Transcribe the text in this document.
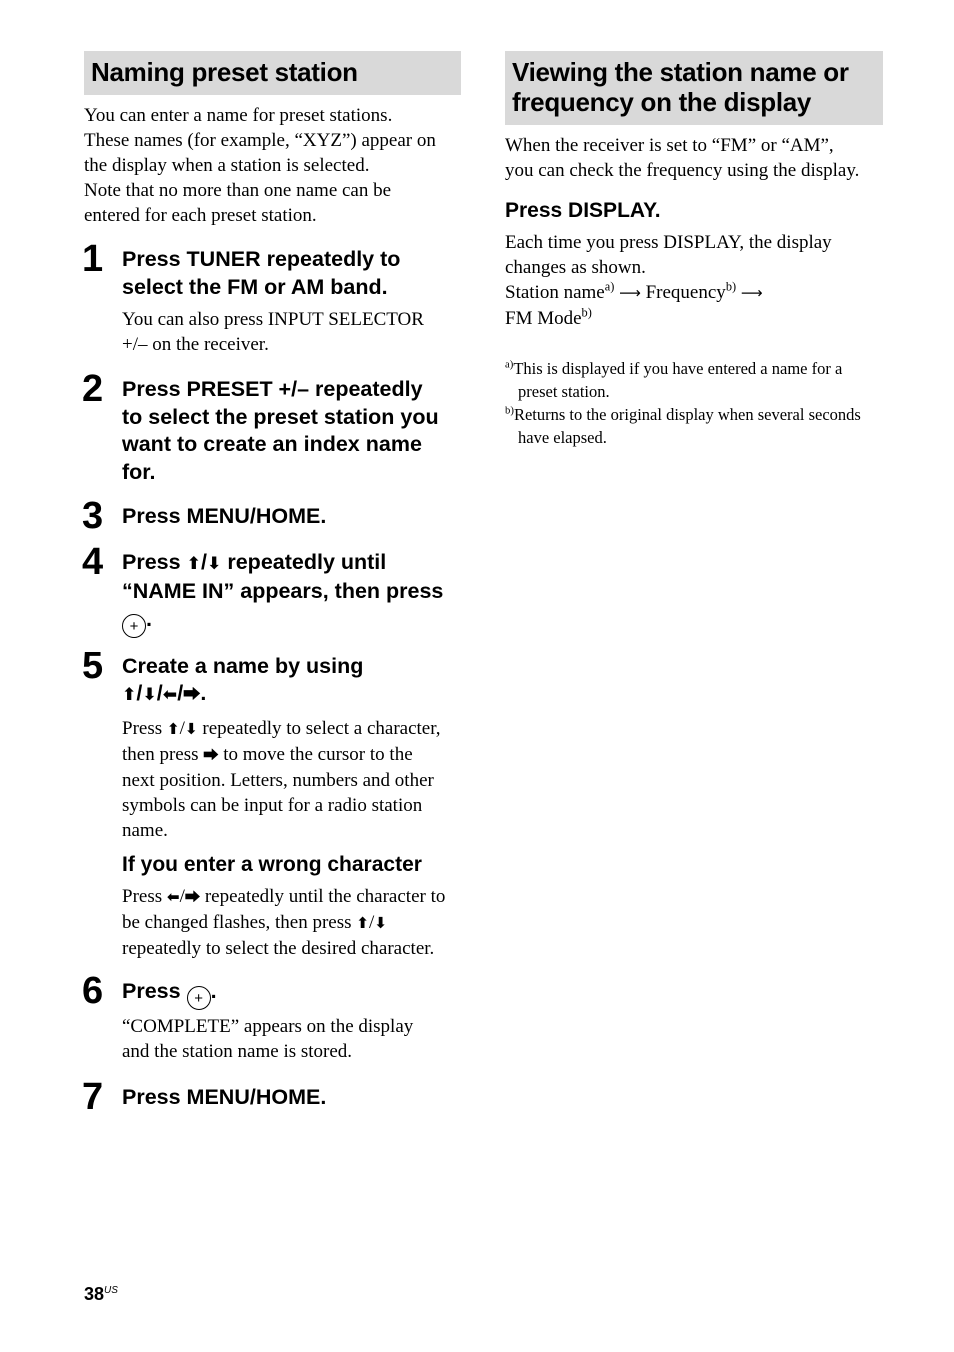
Naming preset station
You can enter a name for preset stations.
These names (for example, “XYZ”) appear on
the display when a station is selected.
Note that no more than one name can be
entered for each preset station.
1 Press TUNER repeatedly to
select the FM or AM band.
You can also press INPUT SELECTOR
+/– on the receiver.
2 Press PRESET +/– repeatedly
to select the preset station you
want to create an index name
for.
3 Press MENU/HOME.
4 Press ⬆/⬇ repeatedly until
“NAME IN” appears, then press
+ .
5 Create a name by using
⬆/⬇/⬅/⮕.
Press ⬆/⬇ repeatedly to select a character,
then press ⮕ to move the cursor to the
next position. Letters, numbers and other
symbols can be input for a radio station
name.
If you enter a wrong character
Press ⬅/⮕ repeatedly until the character to
be changed flashes, then press ⬆/⬇
repeatedly to select the desired character.
6 Press + .
“COMPLETE” appears on the display
and the station name is stored.
7 Press MENU/HOME.
Viewing the station name or
frequency on the display
When the receiver is set to “FM” or “AM”,
you can check the frequency using the display.
Press DISPLAY.
Each time you press DISPLAY, the display
changes as shown.
Station name$^{a)}$ ⟶ Frequency$^{b)}$ ⟶
FM Mode$^{b)}$
$^{a)}$This is displayed if you have entered a name for a preset station.
$^{b)}$Returns to the original display when several seconds have elapsed.
$38^{US}$
